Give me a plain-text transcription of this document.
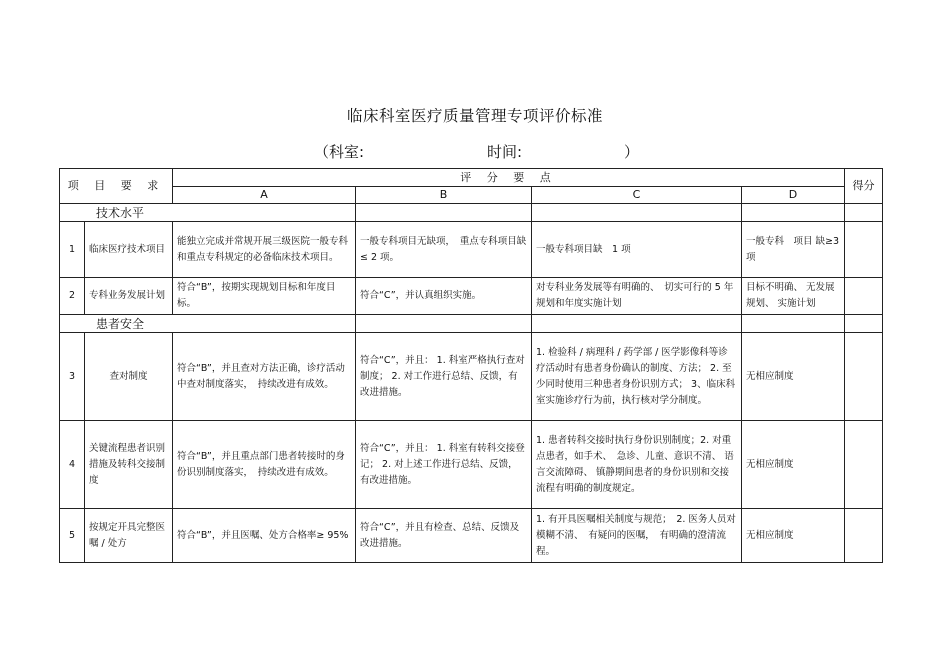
临床科室医疗质量管理专项评价标准
（科室:	时间:	）
项 目 要 求		评 分 要 点				得分
		A	B	C	D	
技术水平						
1	临床医疗技术项目	能独立完成并常规开展三级医院一般专科和重点专科规定的必备临床技术项目。	一般专科项目无缺项，　重点专科项目缺≤ 2 项。	一般专科项目缺　1 项	一般专科　项目 缺≥3 项	
2	专科业务发展计划	符合“B”，按期实现规划目标和年度目标。	符合“C”，并认真组织实施。	对专科业务发展等有明确的、　切实可行的 5 年规划和年度实施计划	目标不明确、 无发展规划、 实施计划	
患者安全						
3	查对制度	符合“B”，并且查对方法正确，诊疗活动中查对制度落实，　持续改进有成效。	符合“C”，并且： 1. 科室严格执行查对制度； 2. 对工作进行总结、反馈，有改进措施。	1. 检验科 / 病理科 / 药学部 / 医学影像科等诊疗活动时有患者身份确认的制度、方法； 2. 至少同时使用三种患者身份识别方式； 3、临床科室实施诊疗行为前，执行核对学分制度。	无相应制度	
4	关键流程患者识别措施及转科交接制度	符合“B”，并且重点部门患者转接时的身份识别制度落实，　持续改进有成效。	符合“C”，并且： 1. 科室有转科交接登记； 2. 对上述工作进行总结、反馈，有改进措施。	1. 患者转科交接时执行身份识别制度；2. 对重点患者，如手术、　急诊、儿童、意识不清、 语言交流障碍、 镇静期间患者的身份识别和交接流程有明确的制度规定。	无相应制度	
5	按规定开具完整医嘱 / 处方	符合“B”，并且医嘱、处方合格率≥ 95%	符合“C”，并且有检查、总结、反馈及改进措施。	1. 有开具医嘱相关制度与规范；　2. 医务人员对模糊不清、　有疑问的医嘱，　有明确的澄清流程。	无相应制度	
